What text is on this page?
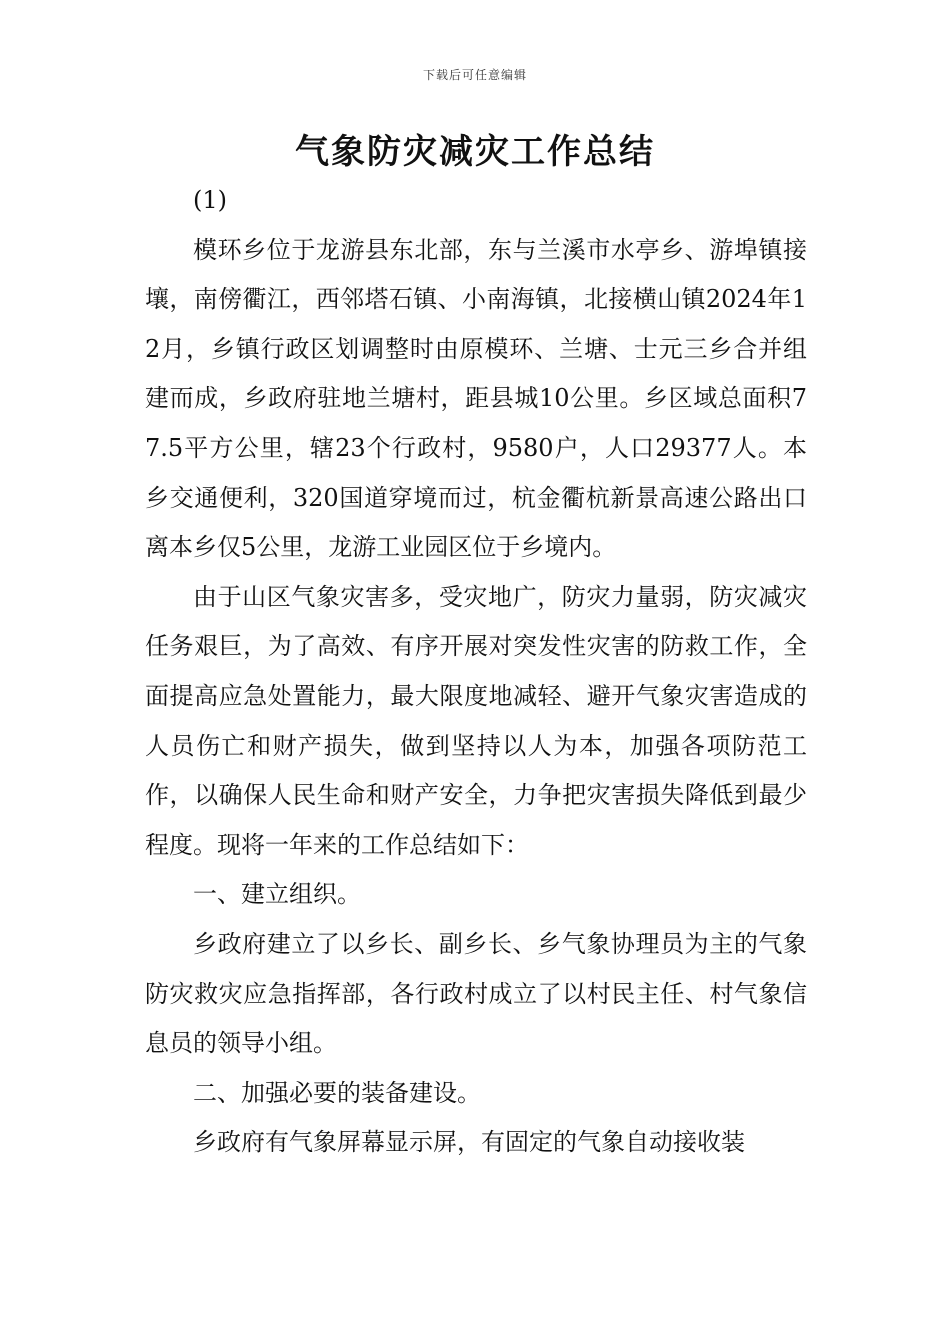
下载后可任意编辑
气象防灾减灾工作总结

(1)

模环乡位于龙游县东北部，东与兰溪市水亭乡、游埠镇接壤，南傍衢江，西邻塔石镇、小南海镇，北接横山镇2024年12月，乡镇行政区划调整时由原模环、兰塘、士元三乡合并组建而成，乡政府驻地兰塘村，距县城10公里。乡区域总面积77.5平方公里，辖23个行政村，9580户，人口29377人。本乡交通便利，320国道穿境而过，杭金衢杭新景高速公路出口离本乡仅5公里，龙游工业园区位于乡境内。

由于山区气象灾害多，受灾地广，防灾力量弱，防灾减灾任务艰巨，为了高效、有序开展对突发性灾害的防救工作，全面提高应急处置能力，最大限度地减轻、避开气象灾害造成的人员伤亡和财产损失，做到坚持以人为本，加强各项防范工作，以确保人民生命和财产安全，力争把灾害损失降低到最少程度。现将一年来的工作总结如下：

一、建立组织。

乡政府建立了以乡长、副乡长、乡气象协理员为主的气象防灾救灾应急指挥部，各行政村成立了以村民主任、村气象信息员的领导小组。

二、加强必要的装备建设。

乡政府有气象屏幕显示屏，有固定的气象自动接收装
